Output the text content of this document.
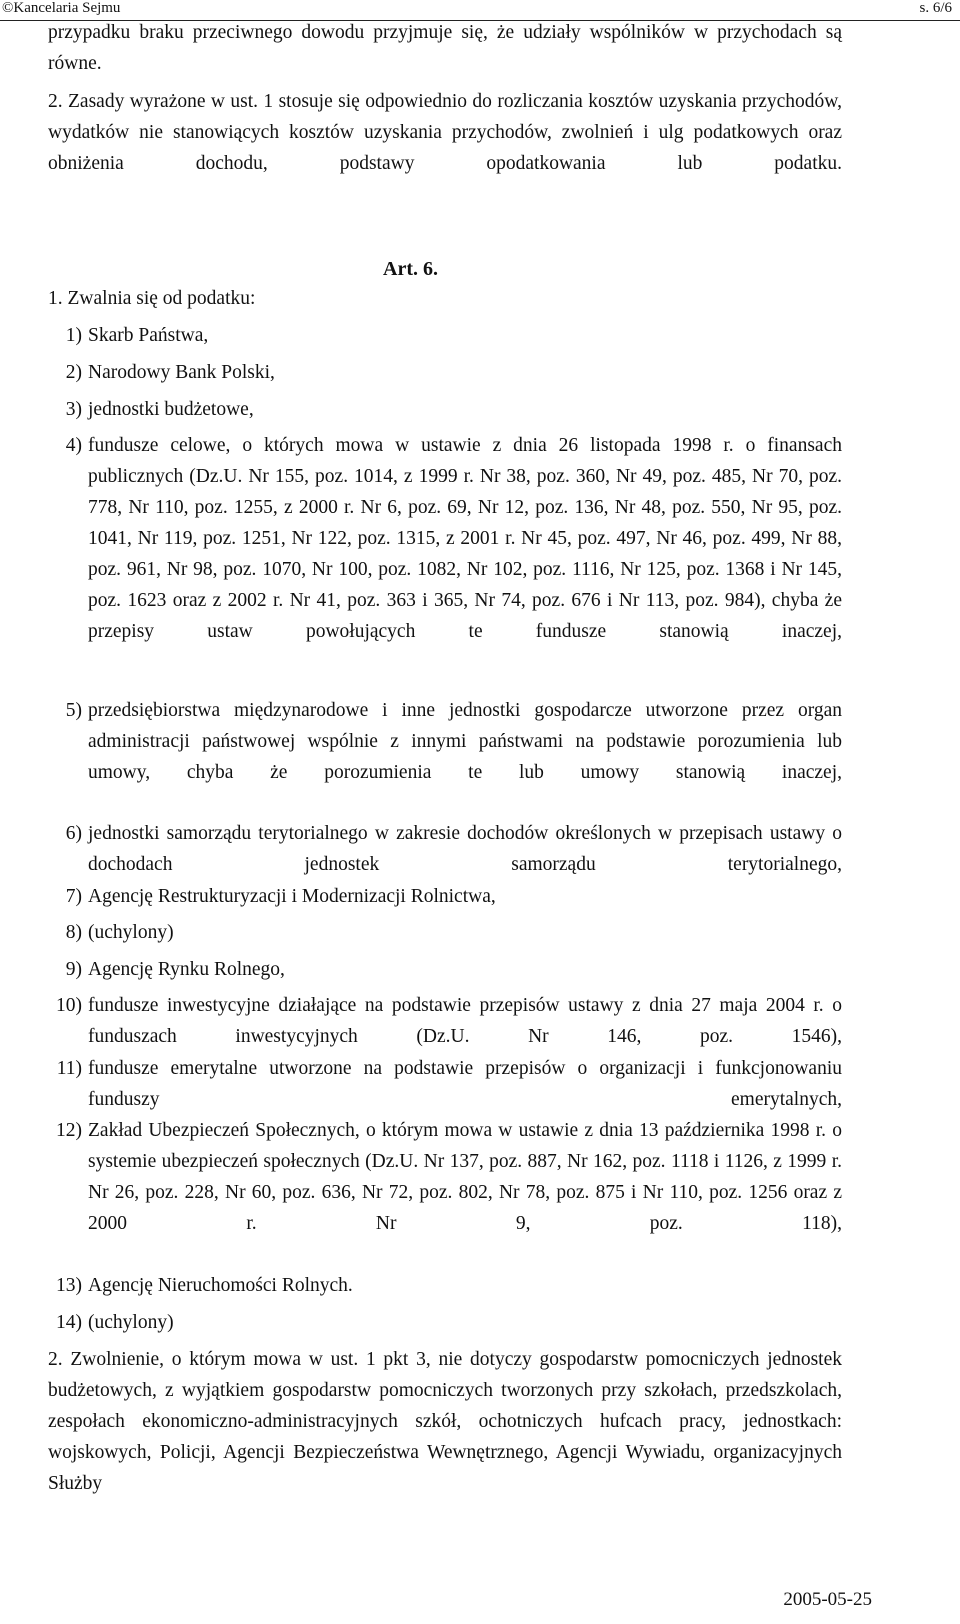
©Kancelaria Sejmu	s. 6/6
przypadku braku przeciwnego dowodu przyjmuje się, że udziały wspólników w przychodach są równe.
2. Zasady wyrażone w ust. 1 stosuje się odpowiednio do rozliczania kosztów uzyskania przychodów, wydatków nie stanowiących kosztów uzyskania przychodów, zwolnień i ulg podatkowych oraz obniżenia dochodu, podstawy opodatkowania lub podatku.
Art. 6.
1. Zwalnia się od podatku:
1) Skarb Państwa,
2) Narodowy Bank Polski,
3) jednostki budżetowe,
4) fundusze celowe, o których mowa w ustawie z dnia 26 listopada 1998 r. o finansach publicznych (Dz.U. Nr 155, poz. 1014, z 1999 r. Nr 38, poz. 360, Nr 49, poz. 485, Nr 70, poz. 778, Nr 110, poz. 1255, z 2000 r. Nr 6, poz. 69, Nr 12, poz. 136, Nr 48, poz. 550, Nr 95, poz. 1041, Nr 119, poz. 1251, Nr 122, poz. 1315, z 2001 r. Nr 45, poz. 497, Nr 46, poz. 499, Nr 88, poz. 961, Nr 98, poz. 1070, Nr 100, poz. 1082, Nr 102, poz. 1116, Nr 125, poz. 1368 i Nr 145, poz. 1623 oraz z 2002 r. Nr 41, poz. 363 i 365, Nr 74, poz. 676 i Nr 113, poz. 984), chyba że przepisy ustaw powołujących te fundusze stanowią inaczej,
5) przedsiębiorstwa międzynarodowe i inne jednostki gospodarcze utworzone przez organ administracji państwowej wspólnie z innymi państwami na podstawie porozumienia lub umowy, chyba że porozumienia te lub umowy stanowią inaczej,
6) jednostki samorządu terytorialnego w zakresie dochodów określonych w przepisach ustawy o dochodach jednostek samorządu terytorialnego,
7) Agencję Restrukturyzacji i Modernizacji Rolnictwa,
8) (uchylony)
9) Agencję Rynku Rolnego,
10) fundusze inwestycyjne działające na podstawie przepisów ustawy z dnia 27 maja 2004 r. o funduszach inwestycyjnych (Dz.U. Nr 146, poz. 1546),
11) fundusze emerytalne utworzone na podstawie przepisów o organizacji i funkcjonowaniu funduszy emerytalnych,
12) Zakład Ubezpieczeń Społecznych, o którym mowa w ustawie z dnia 13 października 1998 r. o systemie ubezpieczeń społecznych (Dz.U. Nr 137, poz. 887, Nr 162, poz. 1118 i 1126, z 1999 r. Nr 26, poz. 228, Nr 60, poz. 636, Nr 72, poz. 802, Nr 78, poz. 875 i Nr 110, poz. 1256 oraz z 2000 r. Nr 9, poz. 118),
13) Agencję Nieruchomości Rolnych.
14) (uchylony)
2. Zwolnienie, o którym mowa w ust. 1 pkt 3, nie dotyczy gospodarstw pomocniczych jednostek budżetowych, z wyjątkiem gospodarstw pomocniczych tworzonych przy szkołach, przedszkolach, zespołach ekonomiczno-administracyjnych szkół, ochotniczych hufcach pracy, jednostkach: wojskowych, Policji, Agencji Bezpieczeństwa Wewnętrznego, Agencji Wywiadu, organizacyjnych Służby
2005-05-25
